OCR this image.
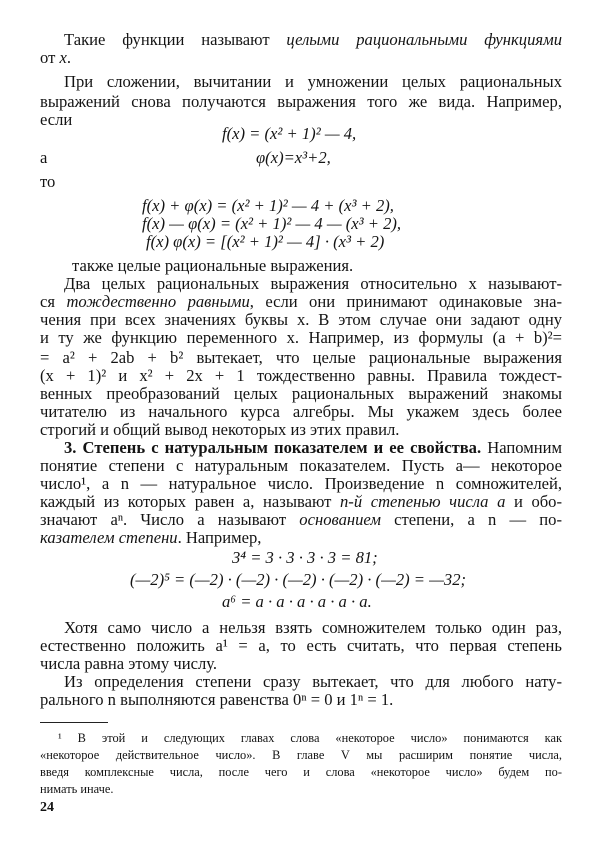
Такие функции называют целыми рациональными функциями
от x.
При сложении, вычитании и умножении целых рациональных
выражений снова получаются выражения того же вида. Например,
если
f(x) = (x² + 1)² — 4,
а	φ(x)=x³+2,
то
f(x) + φ(x) = (x² + 1)² — 4 + (x³ + 2),
f(x) — φ(x) = (x² + 1)² — 4 — (x³ + 2),
f(x) φ(x) = [(x² + 1)² — 4] · (x³ + 2)
также целые рациональные выражения.
Два целых рациональных выражения относительно x называют-
ся тождественно равными, если они принимают одинаковые зна-
чения при всех значениях буквы x. В этом случае они задают одну
и ту же функцию переменного x. Например, из формулы (a + b)²=
= a² + 2ab + b² вытекает, что целые рациональные выражения
(x + 1)² и x² + 2x + 1 тождественно равны. Правила тождест-
венных преобразований целых рациональных выражений знакомы
читателю из начального курса алгебры. Мы укажем здесь более
строгий и общий вывод некоторых из этих правил.
3. Степень с натуральным показателем и ее свойства. Напомним
понятие степени с натуральным показателем. Пусть a— некоторое
число¹, а n — натуральное число. Произведение n сомножителей,
каждый из которых равен a, называют n-й степенью числа a и обо-
значают aⁿ. Число a называют основанием степени, а n — по-
казателем степени. Например,
3⁴ = 3 · 3 · 3 · 3 = 81;
(—2)⁵ = (—2) · (—2) · (—2) · (—2) · (—2) = —32;
a⁶ = a · a · a · a · a · a.
Хотя само число a нельзя взять сомножителем только один раз,
естественно положить a¹ = a, то есть считать, что первая степень
числа равна этому числу.
Из определения степени сразу вытекает, что для любого нату-
рального n выполняются равенства 0ⁿ = 0 и 1ⁿ = 1.
¹ В этой и следующих главах слова «некоторое число» понимаются как
«некоторое действительное число». В главе V мы расширим понятие числа,
введя комплексные числа, после чего и слова «некоторое число» будем по-
нимать иначе.
24
